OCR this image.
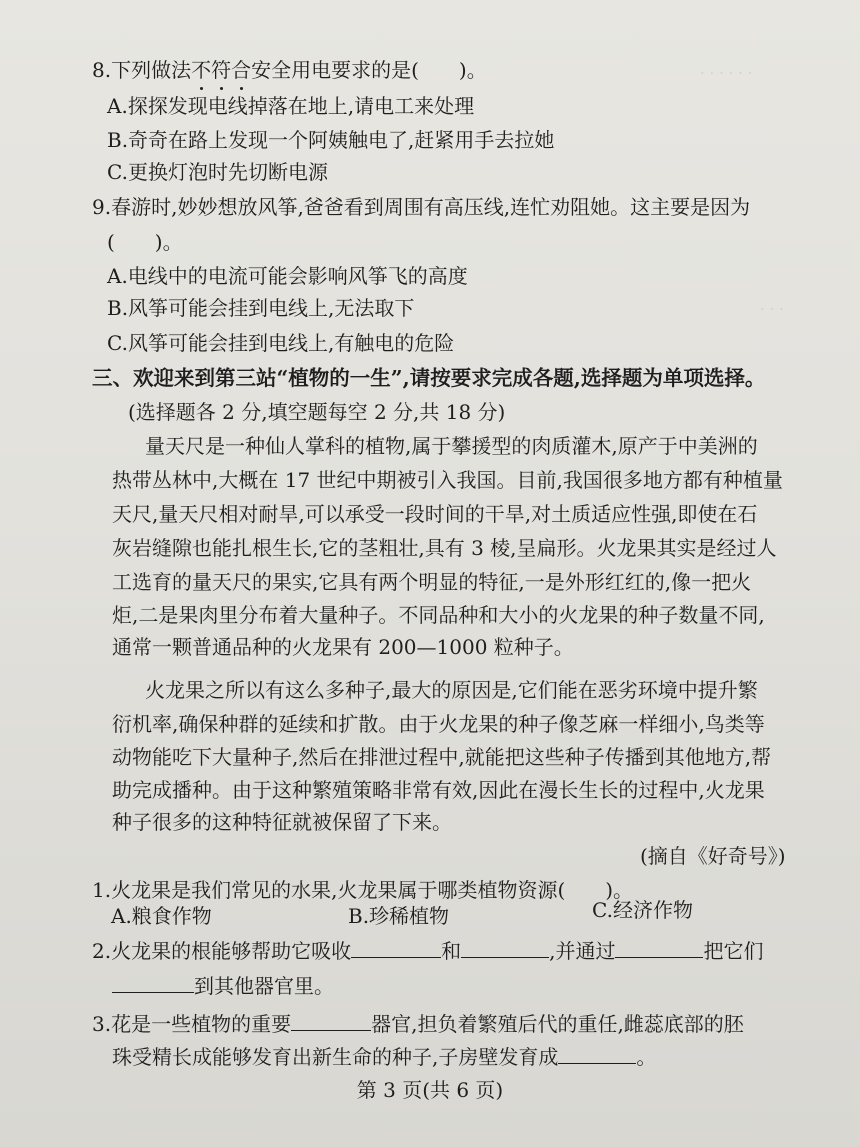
· · · · · ·
· · ·
8.下列做法不符合安全用电要求的是(　　)。
A.探探发现电线掉落在地上,请电工来处理
B.奇奇在路上发现一个阿姨触电了,赶紧用手去拉她
C.更换灯泡时先切断电源
9.春游时,妙妙想放风筝,爸爸看到周围有高压线,连忙劝阻她。这主要是因为
(　　)。
A.电线中的电流可能会影响风筝飞的高度
B.风筝可能会挂到电线上,无法取下
C.风筝可能会挂到电线上,有触电的危险
三、欢迎来到第三站“植物的一生”,请按要求完成各题,选择题为单项选择。
(选择题各 2 分,填空题每空 2 分,共 18 分)
量天尺是一种仙人掌科的植物,属于攀援型的肉质灌木,原产于中美洲的
热带丛林中,大概在 17 世纪中期被引入我国。目前,我国很多地方都有种植量
天尺,量天尺相对耐旱,可以承受一段时间的干旱,对土质适应性强,即使在石
灰岩缝隙也能扎根生长,它的茎粗壮,具有 3 棱,呈扁形。火龙果其实是经过人
工选育的量天尺的果实,它具有两个明显的特征,一是外形红红的,像一把火
炬,二是果肉里分布着大量种子。不同品种和大小的火龙果的种子数量不同,
通常一颗普通品种的火龙果有 200—1000 粒种子。
火龙果之所以有这么多种子,最大的原因是,它们能在恶劣环境中提升繁
衍机率,确保种群的延续和扩散。由于火龙果的种子像芝麻一样细小,鸟类等
动物能吃下大量种子,然后在排泄过程中,就能把这些种子传播到其他地方,帮
助完成播种。由于这种繁殖策略非常有效,因此在漫长生长的过程中,火龙果
种子很多的这种特征就被保留了下来。
(摘自《好奇号》)
1.火龙果是我们常见的水果,火龙果属于哪类植物资源(　　)。
A.粮食作物	B.珍稀植物	C.经济作物
2.火龙果的根能够帮助它吸收	和	,并通过	把它们
到其他器官里。
3.花是一些植物的重要	器官,担负着繁殖后代的重任,雌蕊底部的胚
珠受精长成能够发育出新生命的种子,子房壁发育成	。
第 3 页(共 6 页)
